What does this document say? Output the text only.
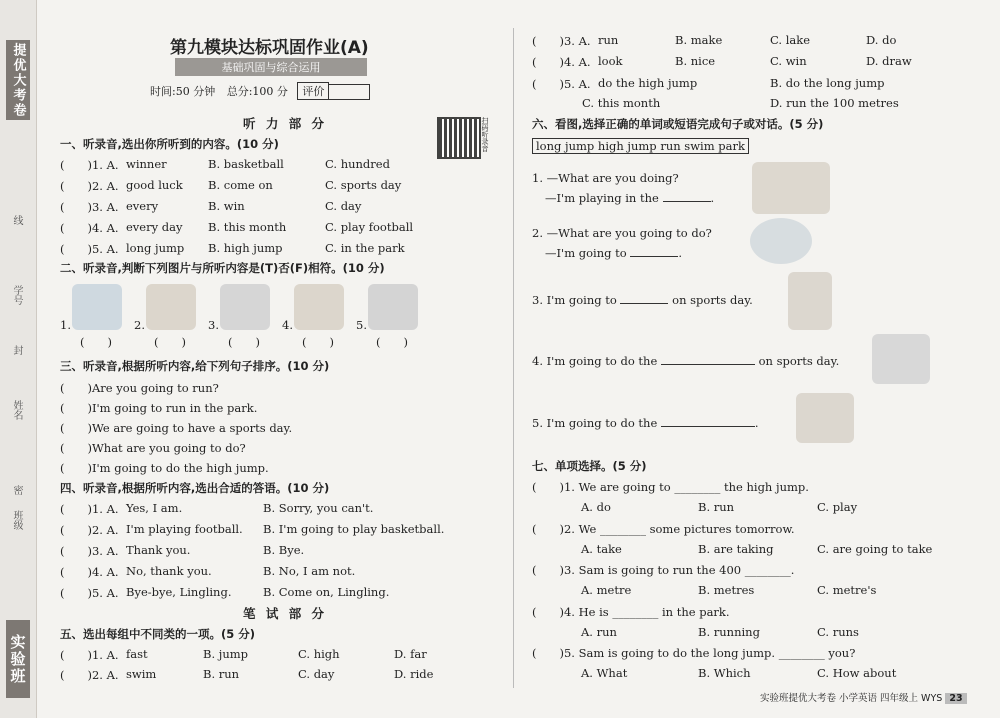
提优大考卷
线
学号
封
姓名
密
班级
实验班
第九模块达标巩固作业(A)
基础巩固与综合运用
时间:50 分钟 总分:100 分 评价
扫码听录音
听 力 部 分
一、听录音,选出你所听到的内容。(10 分)
(　　)1. A. winner	B. basketball	C. hundred
(　　)2. A. good luck B. come on	C. sports day
(　　)3. A. every	B. win	C. day
(　　)4. A. every day B. this month	C. play football
(　　)5. A. long jump B. high jump	C. in the park
二、听录音,判断下列图片与所听内容是(T)否(F)相符。(10 分)
1.
(　　)
2.
(　　)
3.
(　　)
4.
(　　)
5.
(　　)
三、听录音,根据所听内容,给下列句子排序。(10 分)
(　　)Are you going to run?
(　　)I'm going to run in the park.
(　　)We are going to have a sports day.
(　　)What are you going to do?
(　　)I'm going to do the high jump.
四、听录音,根据所听内容,选出合适的答语。(10 分)
(　　)1. A. Yes, I am.	B. Sorry, you can't.
(　　)2. A. I'm playing football. B. I'm going to play basketball.
(　　)3. A. Thank you.	B. Bye.
(　　)4. A. No, thank you.	B. No, I am not.
(　　)5. A. Bye-bye, Lingling.	B. Come on, Lingling.
笔 试 部 分
五、选出每组中不同类的一项。(5 分)
(　　)1. A. fast	B. jump	C. high	D. far
(　　)2. A. swim	B. run	C. day	D. ride
(　　)3. A. run	B. make	C. lake	D. do
(　　)4. A. look	B. nice	C. win	D. draw
(　　)5. A. do the high jump	B. do the long jump
C. this month	D. run the 100 metres
六、看图,选择正确的单词或短语完成句子或对话。(5 分)
long jump high jump run swim park
1. —What are you doing?
—I'm playing in the	.
2. —What are you going to do?
—I'm going to	.
3. I'm going to	on sports day.
4. I'm going to do the	on sports day.
5. I'm going to do the	.
七、单项选择。(5 分)
(　　)1. We are going to ________ the high jump.
A. do	B. run	C. play
(　　)2. We ________ some pictures tomorrow.
A. take	B. are taking	C. are going to take
(　　)3. Sam is going to run the 400 ________.
A. metre	B. metres	C. metre's
(　　)4. He is ________ in the park.
A. run	B. running	C. runs
(　　)5. Sam is going to do the long jump. ________ you?
A. What	B. Which	C. How about
实验班提优大考卷 小学英语 四年级上 WYS 23
